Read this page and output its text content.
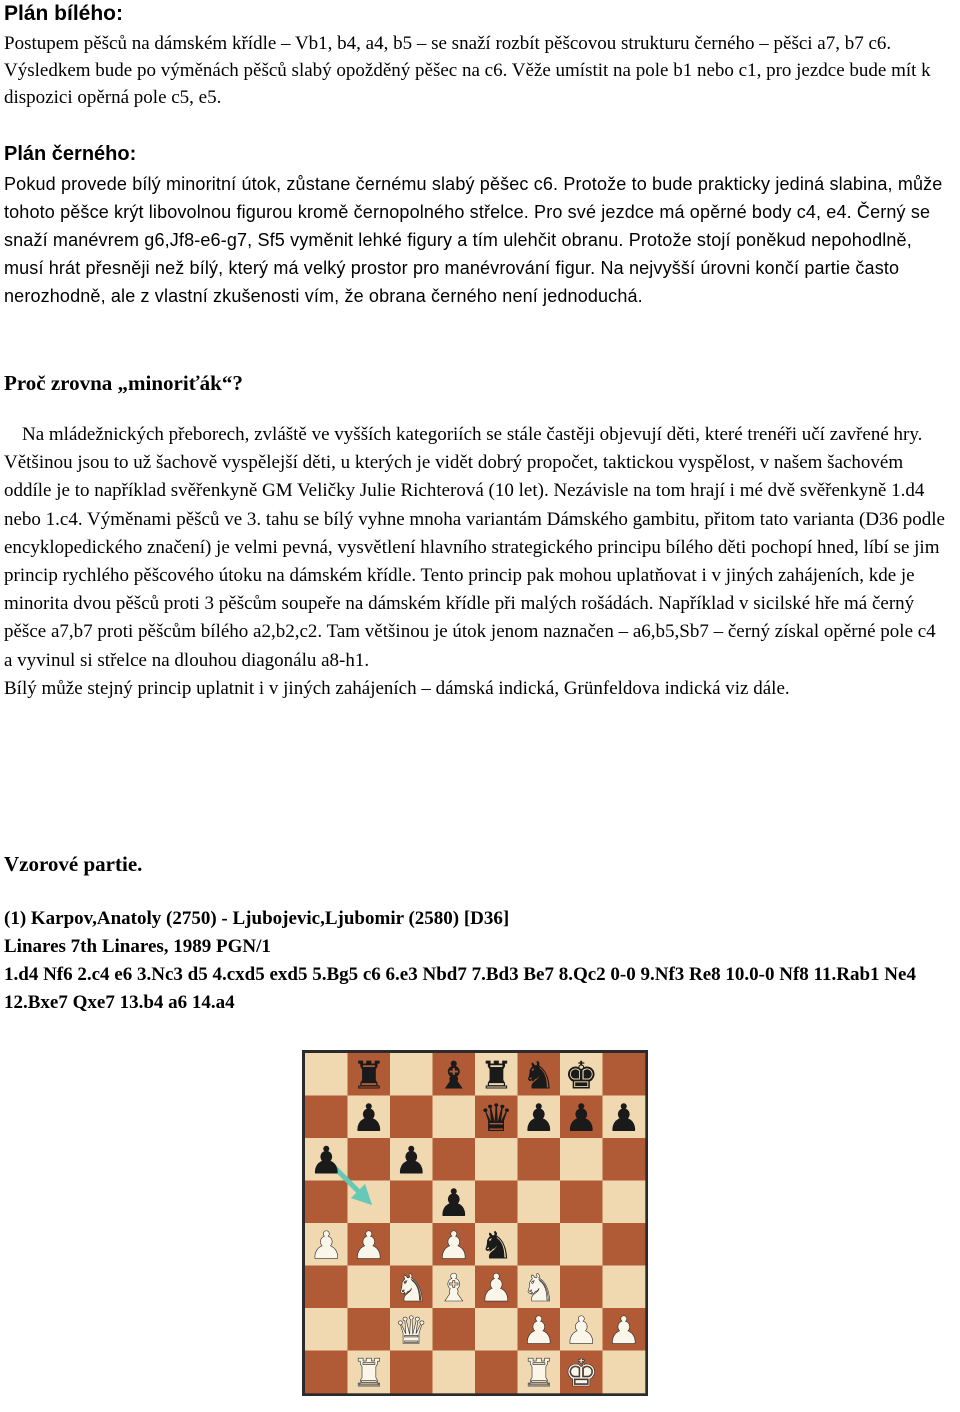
Plán bílého:
Postupem pěšců na dámském křídle – Vb1, b4, a4, b5 – se snaží rozbít pěšcovou strukturu černého – pěšci a7, b7 c6. Výsledkem bude po výměnách pěšců slabý opožděný pěšec na c6. Věže umístit na pole b1 nebo c1, pro jezdce bude mít k dispozici opěrná pole c5, e5.
Plán černého:
Pokud provede bílý minoritní útok, zůstane černému slabý pěšec c6. Protože to bude prakticky jediná slabina, může tohoto pěšce krýt libovolnou figurou kromě černopolného střelce. Pro své jezdce má opěrné body c4, e4. Černý se snaží manévrem g6,Jf8-e6-g7, Sf5 vyměnit lehké figury a tím ulehčit obranu. Protože stojí poněkud nepohodlně, musí hrát přesněji než bílý, který má velký prostor pro manévrování figur. Na nejvyšší úrovni končí partie často nerozhodně, ale z vlastní zkušenosti vím, že obrana černého není jednoduchá.
Proč zrovna „minoriťák“?
Na mládežnických přeborech, zvláště ve vyšších kategoriích se stále častěji objevují děti, které trenéři učí zavřené hry. Většinou jsou to už šachově vyspělejší děti, u kterých je vidět dobrý propočet, taktickou vyspělost, v našem šachovém oddíle je to například svěřenkyně GM Veličky Julie Richterová (10 let). Nezávisle na tom hrají i mé dvě svěřenkyně 1.d4 nebo 1.c4. Výměnami pěšců ve 3. tahu se bílý vyhne mnoha variantám Dámského gambitu, přitom tato varianta (D36 podle encyklopedického značení) je velmi pevná, vysvětlení hlavního strategického principu bílého děti pochopí hned, líbí se jim princip rychlého pěšcového útoku na dámském křídle. Tento princip pak mohou uplatňovat i v jiných zahájeních, kde je minorita dvou pěšců proti 3 pěšcům soupeře na dámském křídle při malých rošádách. Například v sicilské hře má černý pěšce a7,b7 proti pěšcům bílého a2,b2,c2. Tam většinou je útok jenom naznačen – a6,b5,Sb7 – černý získal opěrné pole c4 a vyvinul si střelce na dlouhou diagonálu a8-h1.
Bílý může stejný princip uplatnit i v jiných zahájeních – dámská indická, Grünfeldova indická viz dále.
Vzorové partie.
(1) Karpov,Anatoly (2750) - Ljubojevic,Ljubomir (2580) [D36]
Linares 7th Linares, 1989 PGN/1
1.d4 Nf6 2.c4 e6 3.Nc3 d5 4.cxd5 exd5 5.Bg5 c6 6.e3 Nbd7 7.Bd3 Be7 8.Qc2 0-0 9.Nf3 Re8 10.0-0 Nf8 11.Rab1 Ne4 12.Bxe7 Qxe7 13.b4 a6 14.a4
♜ ♝ ♜ ♞ ♚
♟ ♛ ♟ ♟ ♟
♟ ♟
♟
♟ ♟ ♟ ♞
♞ ♝ ♟ ♞
♛ ♟ ♟ ♟
♜	♜ ♚
